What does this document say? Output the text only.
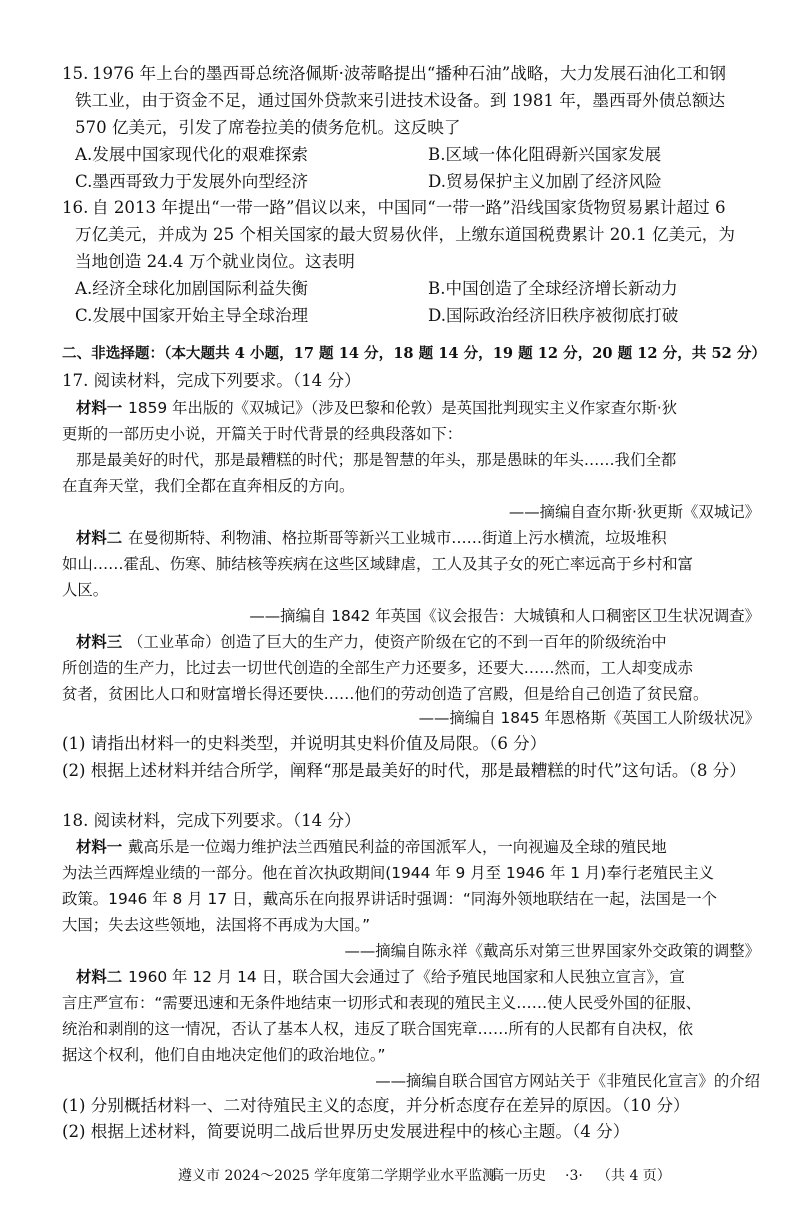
15. 1976 年上台的墨西哥总统洛佩斯·波蒂略提出“播种石油”战略，大力发展石油化工和钢
铁工业，由于资金不足，通过国外贷款来引进技术设备。到 1981 年，墨西哥外债总额达
570 亿美元，引发了席卷拉美的债务危机。这反映了
A.发展中国家现代化的艰难探索	B.区域一体化阻碍新兴国家发展
C.墨西哥致力于发展外向型经济	D.贸易保护主义加剧了经济风险
16. 自 2013 年提出“一带一路”倡议以来，中国同“一带一路”沿线国家货物贸易累计超过 6
万亿美元，并成为 25 个相关国家的最大贸易伙伴，上缴东道国税费累计 20.1 亿美元，为
当地创造 24.4 万个就业岗位。这表明
A.经济全球化加剧国际利益失衡	B.中国创造了全球经济增长新动力
C.发展中国家开始主导全球治理	D.国际政治经济旧秩序被彻底打破
二、非选择题：（本大题共 4 小题，17 题 14 分，18 题 14 分，19 题 12 分，20 题 12 分，共 52 分）
17. 阅读材料，完成下列要求。（14 分）
材料一 1859 年出版的《双城记》（涉及巴黎和伦敦）是英国批判现实主义作家查尔斯·狄
更斯的一部历史小说，开篇关于时代背景的经典段落如下：
那是最美好的时代，那是最糟糕的时代；那是智慧的年头，那是愚昧的年头……我们全都
在直奔天堂，我们全都在直奔相反的方向。
——摘编自查尔斯·狄更斯《双城记》
材料二 在曼彻斯特、利物浦、格拉斯哥等新兴工业城市……街道上污水横流，垃圾堆积
如山……霍乱、伤寒、肺结核等疾病在这些区域肆虐，工人及其子女的死亡率远高于乡村和富
人区。
——摘编自 1842 年英国《议会报告：大城镇和人口稠密区卫生状况调查》
材料三 （工业革命）创造了巨大的生产力，使资产阶级在它的不到一百年的阶级统治中
所创造的生产力，比过去一切世代创造的全部生产力还要多，还要大……然而，工人却变成赤
贫者，贫困比人口和财富增长得还要快……他们的劳动创造了宫殿，但是给自己创造了贫民窟。
——摘编自 1845 年恩格斯《英国工人阶级状况》
(1) 请指出材料一的史料类型，并说明其史料价值及局限。（6 分）
(2) 根据上述材料并结合所学，阐释“那是最美好的时代，那是最糟糕的时代”这句话。（8 分）
18. 阅读材料，完成下列要求。（14 分）
材料一 戴高乐是一位竭力维护法兰西殖民利益的帝国派军人，一向视遍及全球的殖民地
为法兰西辉煌业绩的一部分。他在首次执政期间(1944 年 9 月至 1946 年 1 月)奉行老殖民主义
政策。1946 年 8 月 17 日，戴高乐在向报界讲话时强调：“同海外领地联结在一起，法国是一个
大国；失去这些领地，法国将不再成为大国。”
——摘编自陈永祥《戴高乐对第三世界国家外交政策的调整》
材料二 1960 年 12 月 14 日，联合国大会通过了《给予殖民地国家和人民独立宣言》，宣
言庄严宣布：“需要迅速和无条件地结束一切形式和表现的殖民主义……使人民受外国的征服、
统治和剥削的这一情况，否认了基本人权，违反了联合国宪章……所有的人民都有自决权，依
据这个权利，他们自由地决定他们的政治地位。”
——摘编自联合国官方网站关于《非殖民化宣言》的介绍
(1) 分别概括材料一、二对待殖民主义的态度，并分析态度存在差异的原因。（10 分）
(2) 根据上述材料，简要说明二战后世界历史发展进程中的核心主题。（4 分）
遵义市 2024～2025 学年度第二学期学业水平监测
高一历史 ·3· （共 4 页）
